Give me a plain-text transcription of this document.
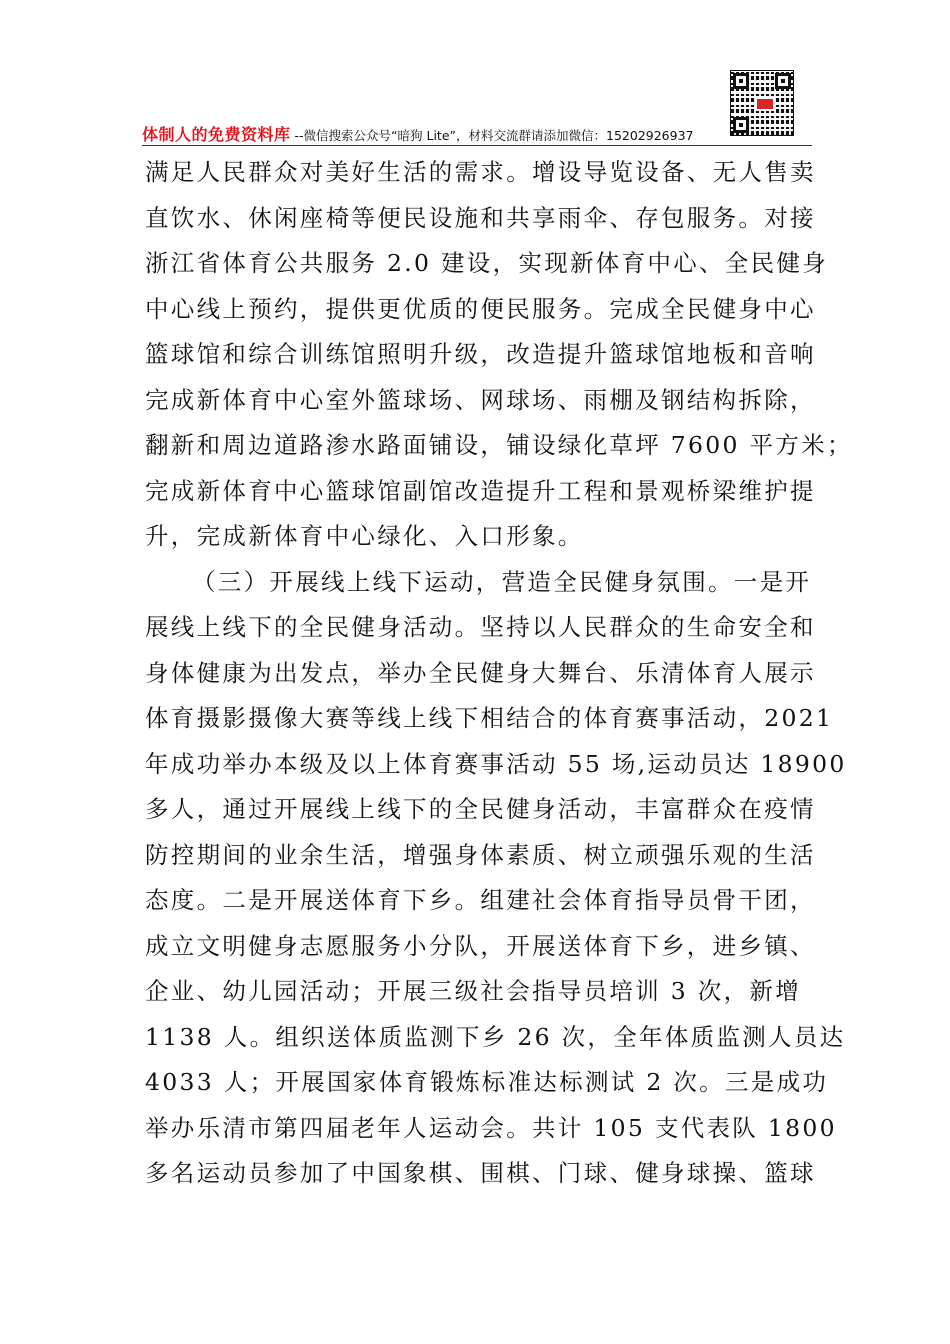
体制人的免费资料库 --微信搜索公众号“暗狗 Lite”，材料交流群请添加微信：15202926937
满足人民群众对美好生活的需求。增设导览设备、无人售卖
直饮水、休闲座椅等便民设施和共享雨伞、存包服务。对接
浙江省体育公共服务 2.0 建设，实现新体育中心、全民健身
中心线上预约，提供更优质的便民服务。完成全民健身中心
篮球馆和综合训练馆照明升级，改造提升篮球馆地板和音响
完成新体育中心室外篮球场、网球场、雨棚及钢结构拆除，
翻新和周边道路渗水路面铺设，铺设绿化草坪 7600 平方米；
完成新体育中心篮球馆副馆改造提升工程和景观桥梁维护提
升，完成新体育中心绿化、入口形象。
（三）开展线上线下运动，营造全民健身氛围。一是开
展线上线下的全民健身活动。坚持以人民群众的生命安全和
身体健康为出发点，举办全民健身大舞台、乐清体育人展示
体育摄影摄像大赛等线上线下相结合的体育赛事活动，2021
年成功举办本级及以上体育赛事活动 55 场,运动员达 18900
多人，通过开展线上线下的全民健身活动，丰富群众在疫情
防控期间的业余生活，增强身体素质、树立顽强乐观的生活
态度。二是开展送体育下乡。组建社会体育指导员骨干团，
成立文明健身志愿服务小分队，开展送体育下乡，进乡镇、
企业、幼儿园活动；开展三级社会指导员培训 3 次，新增
1138 人。组织送体质监测下乡 26 次，全年体质监测人员达
4033 人；开展国家体育锻炼标准达标测试 2 次。三是成功
举办乐清市第四届老年人运动会。共计 105 支代表队 1800
多名运动员参加了中国象棋、围棋、门球、健身球操、篮球
